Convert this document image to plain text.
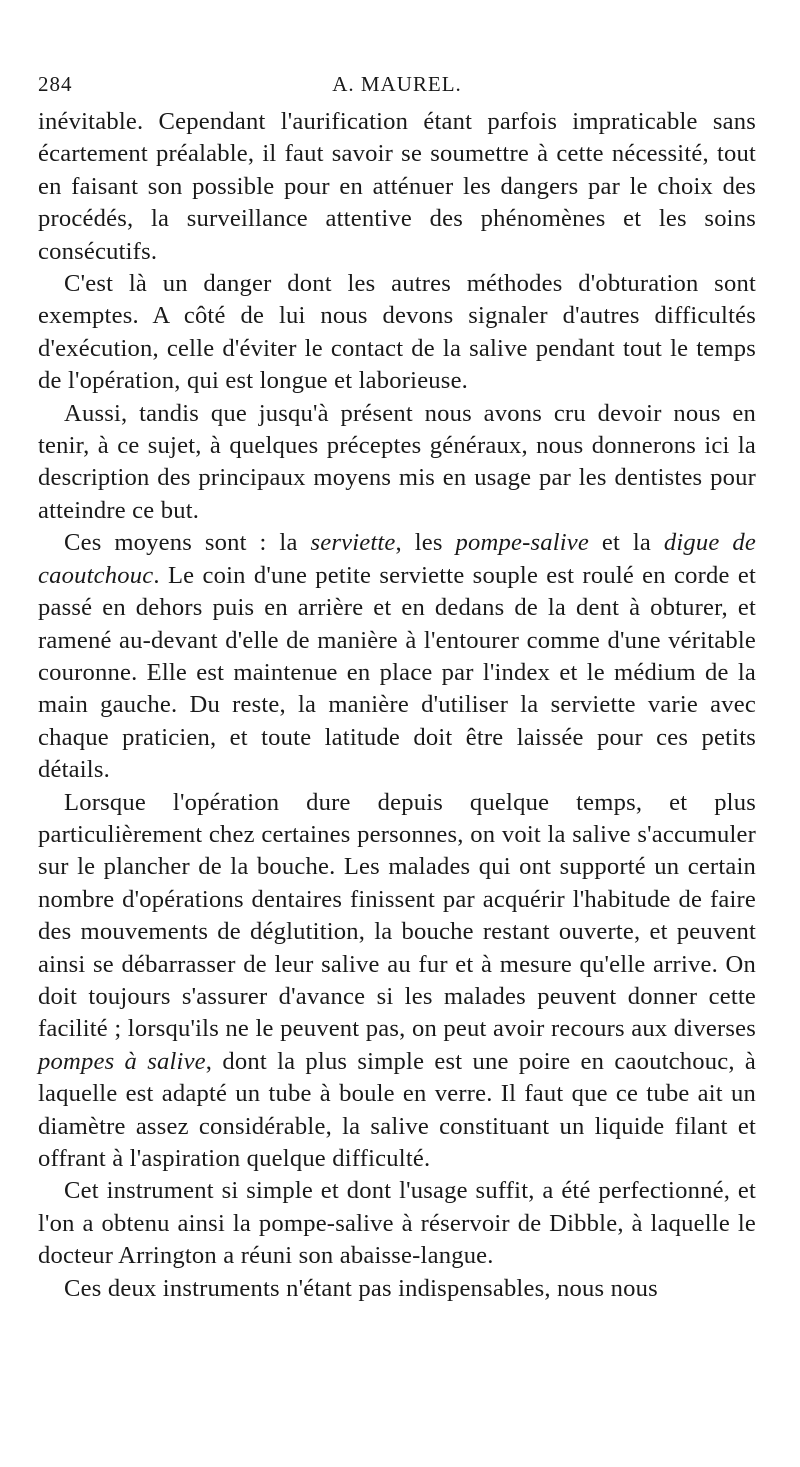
284	A. MAUREL.

inévitable. Cependant l'aurification étant parfois impraticable sans écartement préalable, il faut savoir se soumettre à cette nécessité, tout en faisant son possible pour en atténuer les dangers par le choix des procédés, la surveillance attentive des phénomènes et les soins consécutifs.

C'est là un danger dont les autres méthodes d'obturation sont exemptes. A côté de lui nous devons signaler d'autres difficultés d'exécution, celle d'éviter le contact de la salive pendant tout le temps de l'opération, qui est longue et laborieuse.

Aussi, tandis que jusqu'à présent nous avons cru devoir nous en tenir, à ce sujet, à quelques préceptes généraux, nous donnerons ici la description des principaux moyens mis en usage par les dentistes pour atteindre ce but.

Ces moyens sont : la serviette, les pompe-salive et la digue de caoutchouc. Le coin d'une petite serviette souple est roulé en corde et passé en dehors puis en arrière et en dedans de la dent à obturer, et ramené au-devant d'elle de manière à l'entourer comme d'une véritable couronne. Elle est maintenue en place par l'index et le médium de la main gauche. Du reste, la manière d'utiliser la serviette varie avec chaque praticien, et toute latitude doit être laissée pour ces petits détails.

Lorsque l'opération dure depuis quelque temps, et plus particulièrement chez certaines personnes, on voit la salive s'accumuler sur le plancher de la bouche. Les malades qui ont supporté un certain nombre d'opérations dentaires finissent par acquérir l'habitude de faire des mouvements de déglutition, la bouche restant ouverte, et peuvent ainsi se débarrasser de leur salive au fur et à mesure qu'elle arrive. On doit toujours s'assurer d'avance si les malades peuvent donner cette facilité ; lorsqu'ils ne le peuvent pas, on peut avoir recours aux diverses pompes à salive, dont la plus simple est une poire en caoutchouc, à laquelle est adapté un tube à boule en verre. Il faut que ce tube ait un diamètre assez considérable, la salive constituant un liquide filant et offrant à l'aspiration quelque difficulté.

Cet instrument si simple et dont l'usage suffit, a été perfectionné, et l'on a obtenu ainsi la pompe-salive à réservoir de Dibble, à laquelle le docteur Arrington a réuni son abaisse-langue.

Ces deux instruments n'étant pas indispensables, nous nous
